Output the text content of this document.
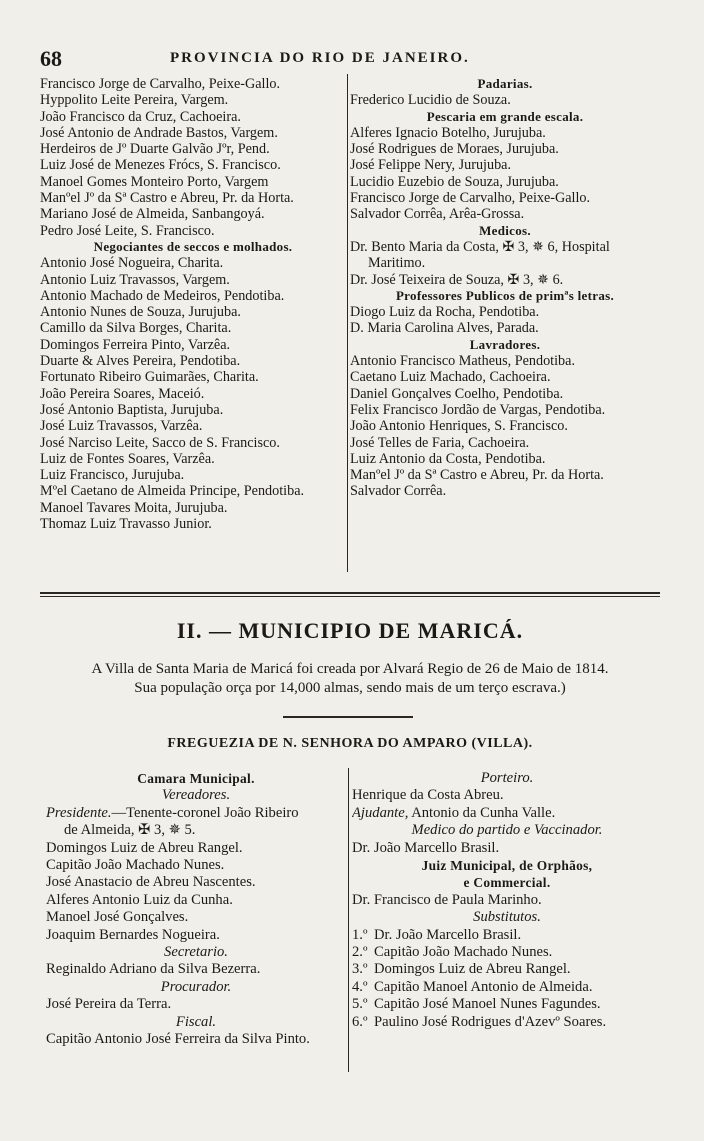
68	PROVINCIA DO RIO DE JANEIRO.
Francisco Jorge de Carvalho, Peixe-Gallo.
Hyppolito Leite Pereira, Vargem.
João Francisco da Cruz, Cachoeira.
José Antonio de Andrade Bastos, Vargem.
Herdeiros de Jº Duarte Galvão Jºr, Pend.
Luiz José de Menezes Frócs, S. Francisco.
Manoel Gomes Monteiro Porto, Vargem
Manºel Jº da Sª Castro e Abreu, Pr. da Horta.
Mariano José de Almeida, Sanbangoyá.
Pedro José Leite, S. Francisco.
Negociantes de seccos e molhados.
Antonio José Nogueira, Charita.
Antonio Luiz Travassos, Vargem.
Antonio Machado de Medeiros, Pendotiba.
Antonio Nunes de Souza, Jurujuba.
Camillo da Silva Borges, Charita.
Domingos Ferreira Pinto, Varzêa.
Duarte & Alves Pereira, Pendotiba.
Fortunato Ribeiro Guimarães, Charita.
João Pereira Soares, Maceió.
José Antonio Baptista, Jurujuba.
José Luiz Travassos, Varzêa.
José Narciso Leite, Sacco de S. Francisco.
Luiz de Fontes Soares, Varzêa.
Luiz Francisco, Jurujuba.
Mºel Caetano de Almeida Principe, Pendotiba.
Manoel Tavares Moita, Jurujuba.
Thomaz Luiz Travasso Junior.
Padarias.
Frederico Lucidio de Souza.
Pescaria em grande escala.
Alferes Ignacio Botelho, Jurujuba.
José Rodrigues de Moraes, Jurujuba.
José Felippe Nery, Jurujuba.
Lucidio Euzebio de Souza, Jurujuba.
Francisco Jorge de Carvalho, Peixe-Gallo.
Salvador Corrêa, Arêa-Grossa.
Medicos.
Dr. Bento Maria da Costa, ✠ 3, ✵ 6, Hospital
Maritimo.
Dr. José Teixeira de Souza, ✠ 3, ✵ 6.
Professores Publicos de primªs letras.
Diogo Luiz da Rocha, Pendotiba.
D. Maria Carolina Alves, Parada.
Lavradores.
Antonio Francisco Matheus, Pendotiba.
Caetano Luiz Machado, Cachoeira.
Daniel Gonçalves Coelho, Pendotiba.
Felix Francisco Jordão de Vargas, Pendotiba.
João Antonio Henriques, S. Francisco.
José Telles de Faria, Cachoeira.
Luiz Antonio da Costa, Pendotiba.
Manºel Jº da Sª Castro e Abreu, Pr. da Horta.
Salvador Corrêa.
II. — MUNICIPIO DE MARICÁ.
A Villa de Santa Maria de Maricá foi creada por Alvará Regio de 26 de Maio de 1814.
Sua população orça por 14,000 almas, sendo mais de um terço escrava.)
FREGUEZIA DE N. SENHORA DO AMPARO (VILLA).
Camara Municipal.
Vereadores.
Presidente.—Tenente-coronel João Ribeiro
de Almeida, ✠ 3, ✵ 5.
Domingos Luiz de Abreu Rangel.
Capitão João Machado Nunes.
José Anastacio de Abreu Nascentes.
Alferes Antonio Luiz da Cunha.
Manoel José Gonçalves.
Joaquim Bernardes Nogueira.
Secretario.
Reginaldo Adriano da Silva Bezerra.
Procurador.
José Pereira da Terra.
Fiscal.
Capitão Antonio José Ferreira da Silva Pinto.
Porteiro.
Henrique da Costa Abreu.
Ajudante, Antonio da Cunha Valle.
Medico do partido e Vaccinador.
Dr. João Marcello Brasil.
Juiz Municipal, de Orphãos,
e Commercial.
Dr. Francisco de Paula Marinho.
Substitutos.
1.º Dr. João Marcello Brasil.
2.º Capitão João Machado Nunes.
3.º Domingos Luiz de Abreu Rangel.
4.º Capitão Manoel Antonio de Almeida.
5.º Capitão José Manoel Nunes Fagundes.
6.º Paulino José Rodrigues d'Azevº Soares.
